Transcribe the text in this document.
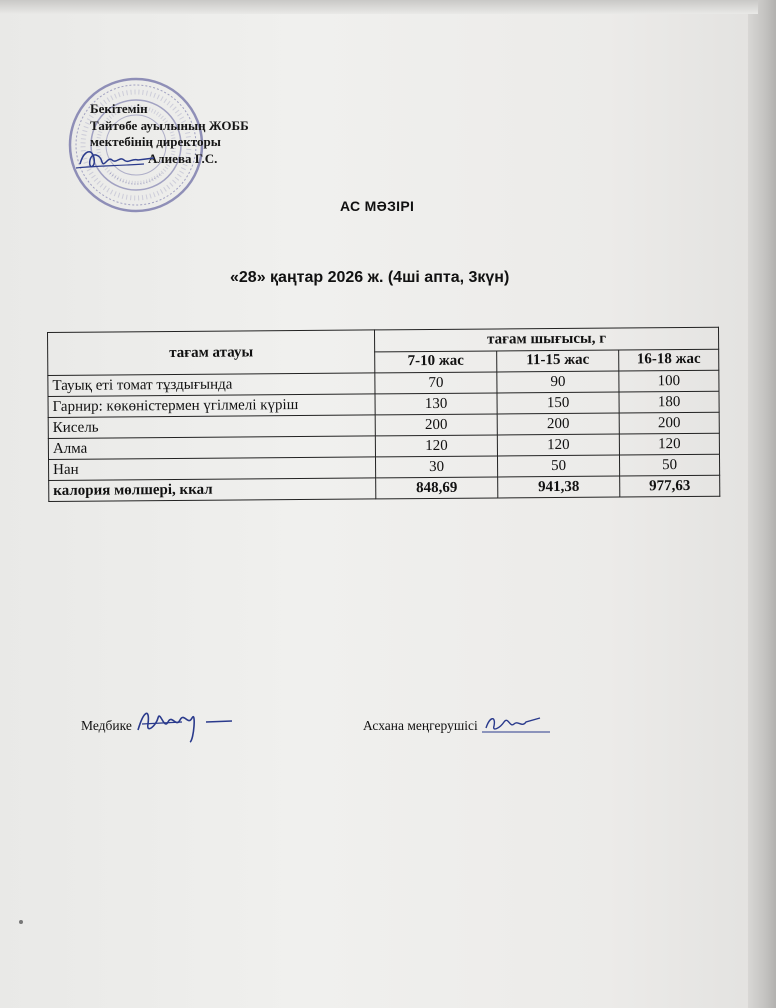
Бекітемін
Тайтөбе ауылының ЖОББ
мектебінің директоры
Алиева Г.С.
АС МӘЗІРІ
«28» қаңтар 2026 ж. (4ші апта, 3күн)
тағам атауы	тағам шығысы, г		
	7-10 жас	11-15 жас	16-18 жас
Тауық еті томат тұздығында	70	90	100
Гарнир: көкөністермен үгілмелі күріш	130	150	180
Кисель	200	200	200
Алма	120	120	120
Нан	30	50	50
калория мөлшері, ккал	848,69	941,38	977,63
Медбике	Асхана меңгерушісі
